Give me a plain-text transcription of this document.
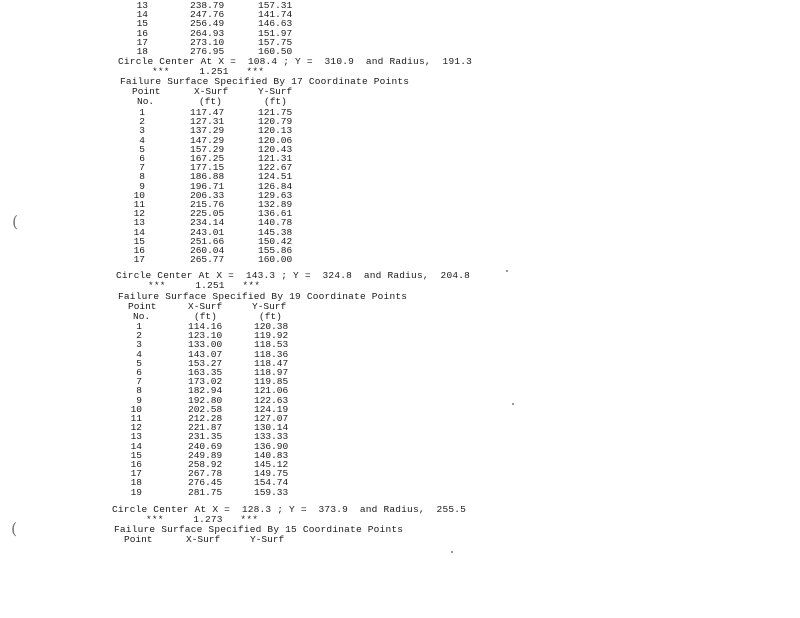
(
(
13	238.79	157.31
14	247.76	141.74
15	256.49	146.63
16	264.93	151.97
17	273.10	157.75
18	276.95	160.50
Circle Center At X =  108.4 ; Y =  310.9  and Radius,  191.3
***     1.251   ***
Failure Surface Specified By 17 Coordinate Points
Point	X-Surf	Y-Surf
No.	(ft)	(ft)
1	117.47	121.75
2	127.31	120.79
3	137.29	120.13
4	147.29	120.06
5	157.29	120.43
6	167.25	121.31
7	177.15	122.67
8	186.88	124.51
9	196.71	126.84
10	206.33	129.63
11	215.76	132.89
12	225.05	136.61
13	234.14	140.78
14	243.01	145.38
15	251.66	150.42
16	260.04	155.86
17	265.77	160.00
Circle Center At X =  143.3 ; Y =  324.8  and Radius,  204.8
***     1.251   ***
Failure Surface Specified By 19 Coordinate Points
Point	X-Surf	Y-Surf
No.	(ft)	(ft)
1	114.16	120.38
2	123.10	119.92
3	133.00	118.53
4	143.07	118.36
5	153.27	118.47
6	163.35	118.97
7	173.02	119.85
8	182.94	121.06
9	192.80	122.63
10	202.58	124.19
11	212.28	127.07
12	221.87	130.14
13	231.35	133.33
14	240.69	136.90
15	249.89	140.83
16	258.92	145.12
17	267.78	149.75
18	276.45	154.74
19	281.75	159.33
Circle Center At X =  128.3 ; Y =  373.9  and Radius,  255.5
***     1.273   ***
Failure Surface Specified By 15 Coordinate Points
Point	X-Surf	Y-Surf
